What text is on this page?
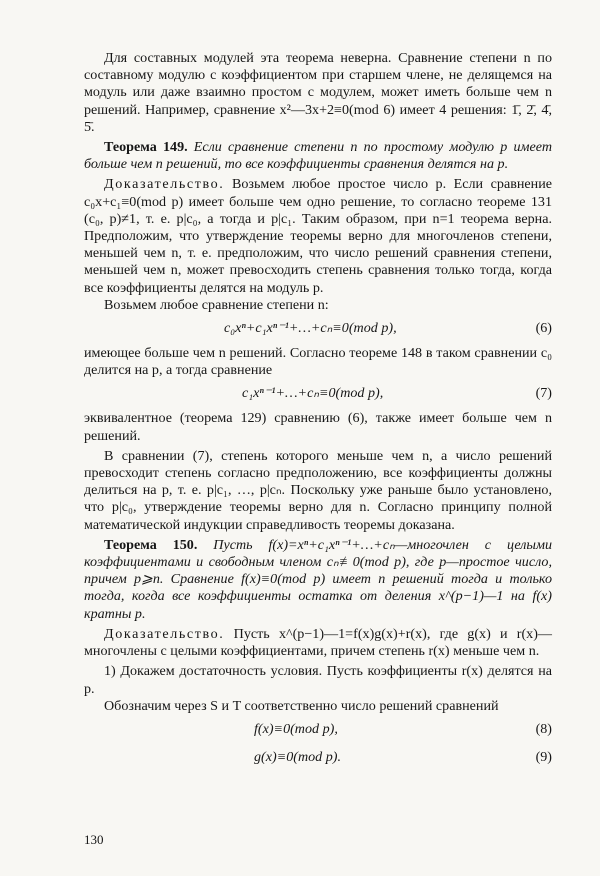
Для составных модулей эта теорема неверна. Сравнение степени n по составному модулю с коэффициентом при старшем члене, не делящемся на модуль или даже взаимно простом с модулем, может иметь больше чем n решений. Например, сравнение x²—3x+2≡0(mod 6) имеет 4 решения: 1̄, 2̄, 4̄, 5̄.

Теорема 149. Если сравнение степени n по простому модулю p имеет больше чем n решений, то все коэффициенты сравнения делятся на p.

Доказательство. Возьмем любое простое число p. Если сравнение c₀x+c₁≡0(mod p) имеет больше чем одно решение, то согласно теореме 131 (c₀, p)≠1, т. е. p|c₀, а тогда и p|c₁. Таким образом, при n=1 теорема верна. Предположим, что утверждение теоремы верно для многочленов степени, меньшей чем n, т. е. предположим, что число решений сравнения степени, меньшей чем n, может превосходить степень сравнения только тогда, когда все коэффициенты делятся на модуль p.

Возьмем любое сравнение степени n:

c₀xⁿ+c₁xⁿ⁻¹+…+cₙ≡0(mod p),	(6)

имеющее больше чем n решений. Согласно теореме 148 в таком сравнении c₀ делится на p, а тогда сравнение

c₁xⁿ⁻¹+…+cₙ≡0(mod p),	(7)

эквивалентное (теорема 129) сравнению (6), также имеет больше чем n решений.

В сравнении (7), степень которого меньше чем n, а число решений превосходит степень согласно предположению, все коэффициенты должны делиться на p, т. е. p|c₁, …, p|cₙ. Поскольку уже раньше было установлено, что p|c₀, утверждение теоремы верно для n. Согласно принципу полной математической индукции справедливость теоремы доказана.

Теорема 150. Пусть f(x)=xⁿ+c₁xⁿ⁻¹+…+cₙ—многочлен с целыми коэффициентами и свободным членом cₙ≢0(mod p), где p—простое число, причем p⩾n. Сравнение f(x)≡0(mod p) имеет n решений тогда и только тогда, когда все коэффициенты остатка от деления x^(p−1)—1 на f(x) кратны p.

Доказательство. Пусть x^(p−1)—1=f(x)g(x)+r(x), где g(x) и r(x)—многочлены с целыми коэффициентами, причем степень r(x) меньше чем n.

1) Докажем достаточность условия. Пусть коэффициенты r(x) делятся на p.

Обозначим через S и T соответственно число решений сравнений

f(x)≡0(mod p),	(8)
g(x)≡0(mod p).	(9)
130
